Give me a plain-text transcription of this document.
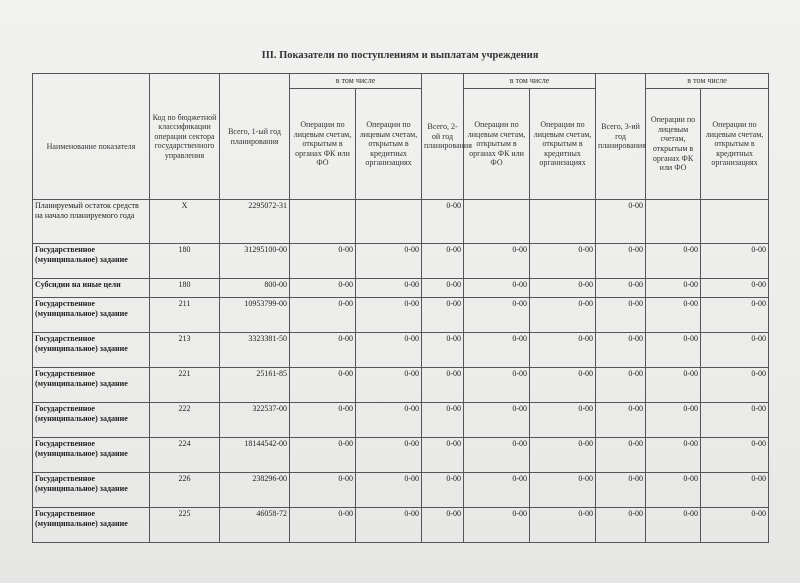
III. Показатели по поступлениям и выплатам учреждения
Наименование показателя	Код по бюджетной классификации операции сектора государственного управления	Всего, 1-ый год планирования	в том числе		Всего, 2-ой год планирования	в том числе		Всего, 3-ий год планирования	в том числе	
			Операции по лицевым счетам, открытым в органах ФК или ФО	Операции по лицевым счетам, открытым в кредитных организациях		Операции по лицевым счетам, открытым в органах ФК или ФО	Операции по лицевым счетам, открытым в кредитных организациях		Операции по лицевым счетам, открытым в органах ФК или ФО	Операции по лицевым счетам, открытым в кредитных организациях
Планируемый остаток средств на начало планируемого года	X	2295072-31			0-00			0-00		
Государственное (муниципальное) задание	180	31295100-00	0-00	0-00	0-00	0-00	0-00	0-00	0-00	0-00
Субсидии на иные цели	180	800-00	0-00	0-00	0-00	0-00	0-00	0-00	0-00	0-00
Государственное (муниципальное) задание	211	10953799-00	0-00	0-00	0-00	0-00	0-00	0-00	0-00	0-00
Государственное (муниципальное) задание	213	3323381-50	0-00	0-00	0-00	0-00	0-00	0-00	0-00	0-00
Государственное (муниципальное) задание	221	25161-85	0-00	0-00	0-00	0-00	0-00	0-00	0-00	0-00
Государственное (муниципальное) задание	222	322537-00	0-00	0-00	0-00	0-00	0-00	0-00	0-00	0-00
Государственное (муниципальное) задание	224	18144542-00	0-00	0-00	0-00	0-00	0-00	0-00	0-00	0-00
Государственное (муниципальное) задание	226	238296-00	0-00	0-00	0-00	0-00	0-00	0-00	0-00	0-00
Государственное (муниципальное) задание	225	46058-72	0-00	0-00	0-00	0-00	0-00	0-00	0-00	0-00
